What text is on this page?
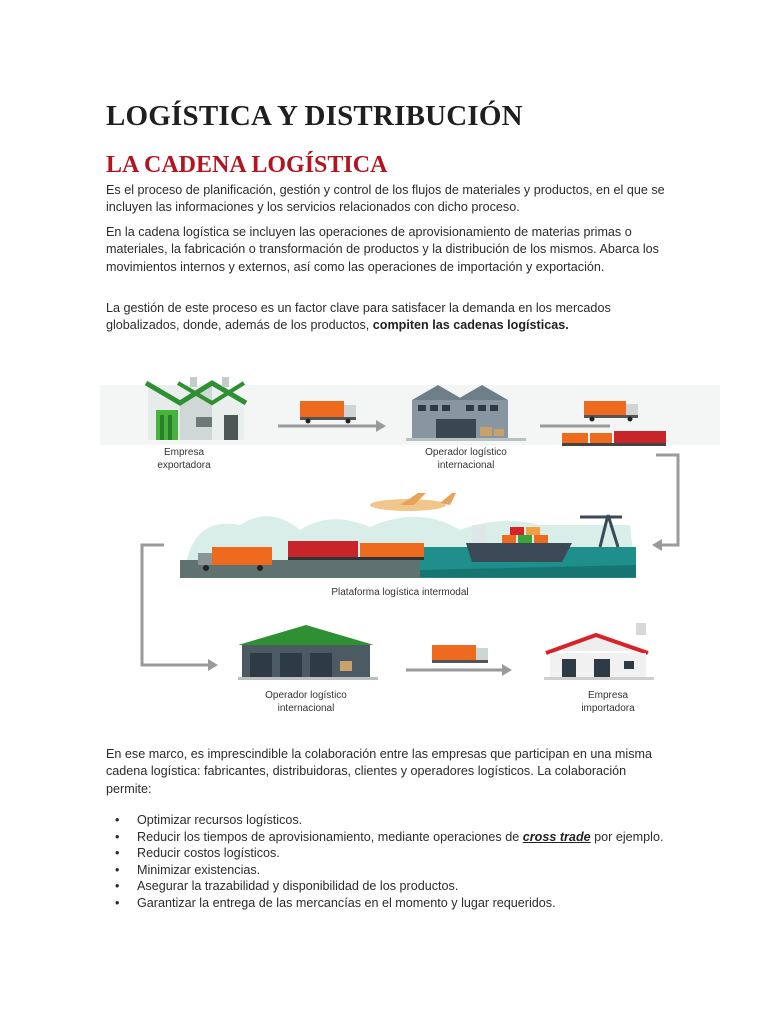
LOGÍSTICA Y DISTRIBUCIÓN
LA CADENA LOGÍSTICA

Es el proceso de planificación, gestión y control de los flujos de materiales y productos, en el que se incluyen las informaciones y los servicios relacionados con dicho proceso.

En la cadena logística se incluyen las operaciones de aprovisionamiento de materias primas o materiales, la fabricación o transformación de productos y la distribución de los mismos. Abarca los movimientos internos y externos, así como las operaciones de importación y exportación.

La gestión de este proceso es un factor clave para satisfacer la demanda en los mercados globalizados, donde, además de los productos, compiten las cadenas logísticas.

Empresa
exportadora
Operador logístico
internacional
Plataforma logística intermodal
Operador logístico
internacional
Empresa
importadora

En ese marco, es imprescindible la colaboración entre las empresas que participan en una misma cadena logística: fabricantes, distribuidoras, clientes y operadores logísticos. La colaboración permite:

• Optimizar recursos logísticos.
• Reducir los tiempos de aprovisionamiento, mediante operaciones de cross trade por ejemplo.
• Reducir costos logísticos.
• Minimizar existencias.
• Asegurar la trazabilidad y disponibilidad de los productos.
• Garantizar la entrega de las mercancías en el momento y lugar requeridos.
